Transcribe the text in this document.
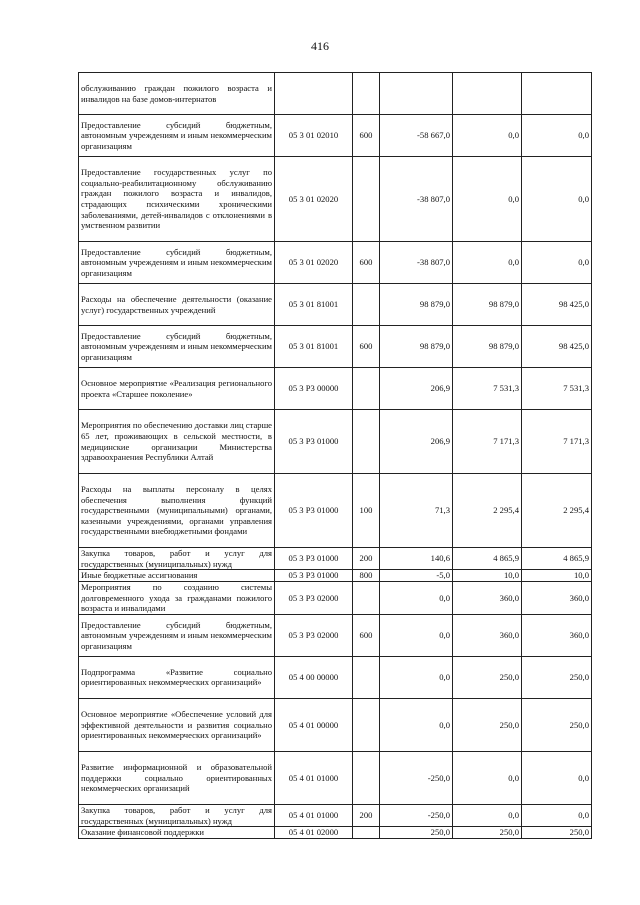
416
обслуживанию граждан пожилого возраста и инвалидов на базе домов-интернатов					
Предоставление субсидий бюджетным, автономным учреждениям и иным некоммерческим организациям	05 3 01 02010	600	-58 667,0	0,0	0,0
Предоставление государственных услуг по социально-реабилитационному обслуживанию граждан пожилого возраста и инвалидов, страдающих психическими хроническими заболеваниями, детей-инвалидов с отклонениями в умственном развитии	05 3 01 02020		-38 807,0	0,0	0,0
Предоставление субсидий бюджетным, автономным учреждениям и иным некоммерческим организациям	05 3 01 02020	600	-38 807,0	0,0	0,0
Расходы на обеспечение деятельности (оказание услуг) государственных учреждений	05 3 01 81001		98 879,0	98 879,0	98 425,0
Предоставление субсидий бюджетным, автономным учреждениям и иным некоммерческим организациям	05 3 01 81001	600	98 879,0	98 879,0	98 425,0
Основное мероприятие «Реализация регионального проекта «Старшее поколение»	05 3 P3 00000		206,9	7 531,3	7 531,3
Мероприятия по обеспечению доставки лиц старше 65 лет, проживающих в сельской местности, в медицинские организации Министерства здравоохранения Республики Алтай	05 3 P3 01000		206,9	7 171,3	7 171,3
Расходы на выплаты персоналу в целях обеспечения выполнения функций государственными (муниципальными) органами, казенными учреждениями, органами управления государственными внебюджетными фондами	05 3 P3 01000	100	71,3	2 295,4	2 295,4
Закупка товаров, работ и услуг для государственных (муниципальных) нужд	05 3 P3 01000	200	140,6	4 865,9	4 865,9
Иные бюджетные ассигнования	05 3 P3 01000	800	-5,0	10,0	10,0
Мероприятия по созданию системы долговременного ухода за гражданами пожилого возраста и инвалидами	05 3 P3 02000		0,0	360,0	360,0
Предоставление субсидий бюджетным, автономным учреждениям и иным некоммерческим организациям	05 3 P3 02000	600	0,0	360,0	360,0
Подпрограмма «Развитие социально ориентированных некоммерческих организаций»	05 4 00 00000		0,0	250,0	250,0
Основное мероприятие «Обеспечение условий для эффективной деятельности и развития социально ориентированных некоммерческих организаций»	05 4 01 00000		0,0	250,0	250,0
Развитие информационной и образовательной поддержки социально ориентированных некоммерческих организаций	05 4 01 01000		-250,0	0,0	0,0
Закупка товаров, работ и услуг для государственных (муниципальных) нужд	05 4 01 01000	200	-250,0	0,0	0,0
Оказание финансовой поддержки	05 4 01 02000		250,0	250,0	250,0
